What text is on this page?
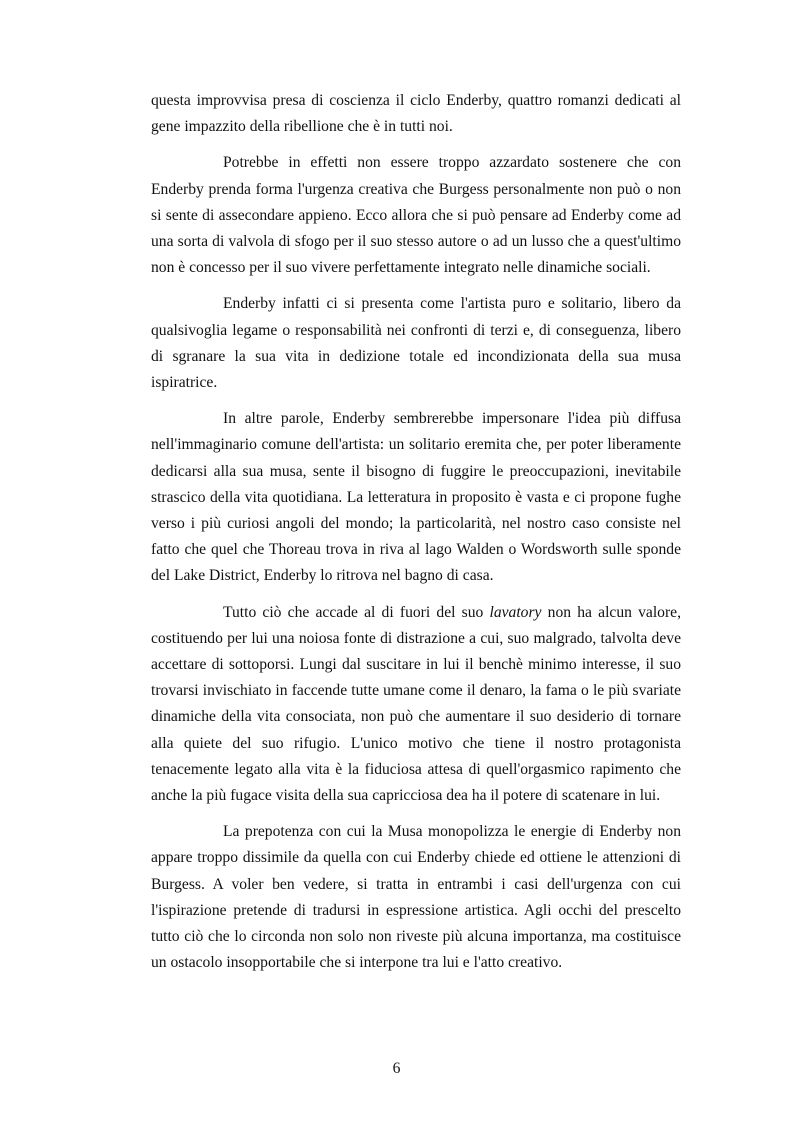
questa improvvisa presa di coscienza il ciclo Enderby, quattro romanzi dedicati al gene impazzito della ribellione che è in tutti noi.

Potrebbe in effetti non essere troppo azzardato sostenere che con Enderby prenda forma l'urgenza creativa che Burgess personalmente non può o non si sente di assecondare appieno. Ecco allora che si può pensare ad Enderby come ad una sorta di valvola di sfogo per il suo stesso autore o ad un lusso che a quest'ultimo non è concesso per il suo vivere perfettamente integrato nelle dinamiche sociali.

Enderby infatti ci si presenta come l'artista puro e solitario, libero da qualsivoglia legame o responsabilità nei confronti di terzi e, di conseguenza, libero di sgranare la sua vita in dedizione totale ed incondizionata della sua musa ispiratrice.

In altre parole, Enderby sembrerebbe impersonare l'idea più diffusa nell'immaginario comune dell'artista: un solitario eremita che, per poter liberamente dedicarsi alla sua musa, sente il bisogno di fuggire le preoccupazioni, inevitabile strascico della vita quotidiana. La letteratura in proposito è vasta e ci propone fughe verso i più curiosi angoli del mondo; la particolarità, nel nostro caso consiste nel fatto che quel che Thoreau trova in riva al lago Walden o Wordsworth sulle sponde del Lake District, Enderby lo ritrova nel bagno di casa.

Tutto ciò che accade al di fuori del suo lavatory non ha alcun valore, costituendo per lui una noiosa fonte di distrazione a cui, suo malgrado, talvolta deve accettare di sottoporsi. Lungi dal suscitare in lui il benchè minimo interesse, il suo trovarsi invischiato in faccende tutte umane come il denaro, la fama o le più svariate dinamiche della vita consociata, non può che aumentare il suo desiderio di tornare alla quiete del suo rifugio. L'unico motivo che tiene il nostro protagonista tenacemente legato alla vita è la fiduciosa attesa di quell'orgasmico rapimento che anche la più fugace visita della sua capricciosa dea ha il potere di scatenare in lui.

La prepotenza con cui la Musa monopolizza le energie di Enderby non appare troppo dissimile da quella con cui Enderby chiede ed ottiene le attenzioni di Burgess. A voler ben vedere, si tratta in entrambi i casi dell'urgenza con cui l'ispirazione pretende di tradursi in espressione artistica. Agli occhi del prescelto tutto ciò che lo circonda non solo non riveste più alcuna importanza, ma costituisce un ostacolo insopportabile che si interpone tra lui e l'atto creativo.

6
